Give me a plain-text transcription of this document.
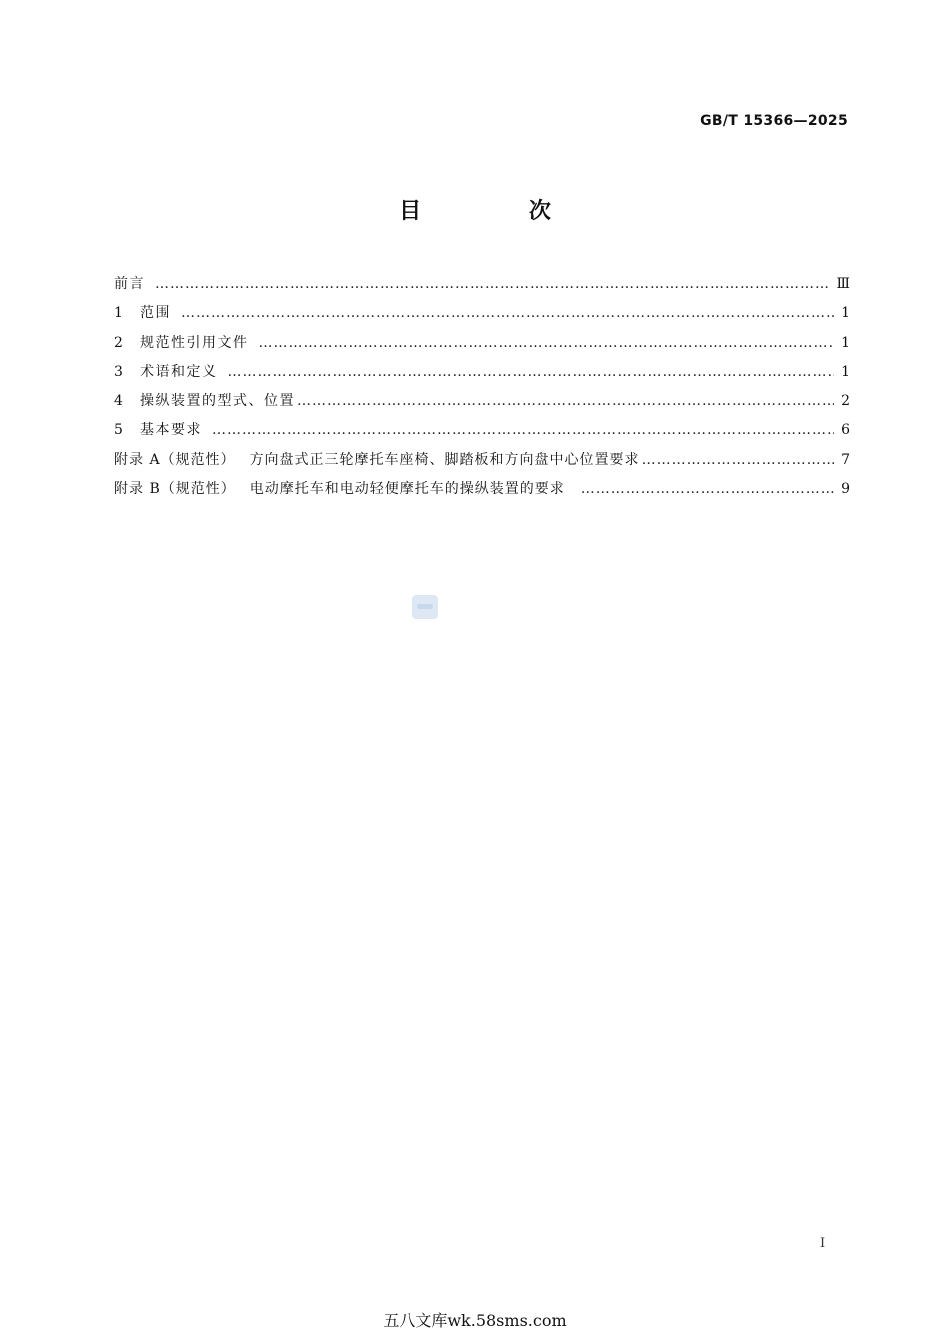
GB/T 15366—2025
目 次
前言 ………………………………………………………………………………………………………………………………………………………………………………………………………………………………	Ⅲ
1	范围 ………………………………………………………………………………………………………………………………………………………………………………………………………………………………	1
2	规范性引用文件 ………………………………………………………………………………………………………………………………………………………………………………………………………………………………	1
3	术语和定义 ………………………………………………………………………………………………………………………………………………………………………………………………………………………………	1
4	操纵装置的型式、位置 ………………………………………………………………………………………………………………………………………………………………………………………………………………………………	2
5	基本要求 ………………………………………………………………………………………………………………………………………………………………………………………………………………………………	6
附录 A（规范性） 方向盘式正三轮摩托车座椅、脚踏板和方向盘中心位置要求 ………………………………………………………………………………………………………………………………………………………………………………………………………………………………	7
附录 B（规范性） 电动摩托车和电动轻便摩托车的操纵装置的要求 ………………………………………………………………………………………………………………………………………………………………………………………………………………………………	9
Ⅰ
五八文库wk.58sms.com
